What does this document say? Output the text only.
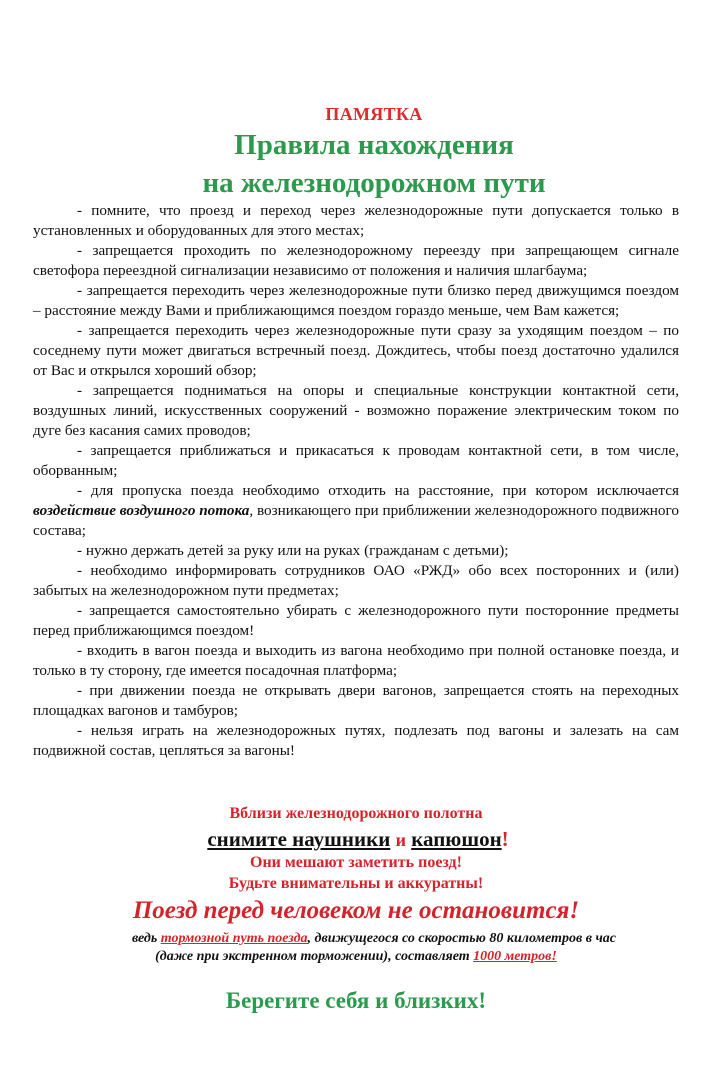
ПАМЯТКА
Правила нахождения
на железнодорожном пути

- помните, что проезд и переход через железнодорожные пути допускается только в установленных и оборудованных для этого местах;

- запрещается проходить по железнодорожному переезду при запрещающем сигнале светофора переездной сигнализации независимо от положения и наличия шлагбаума;

- запрещается переходить через железнодорожные пути близко перед движущимся поездом – расстояние между Вами и приближающимся поездом гораздо меньше, чем Вам кажется;

- запрещается переходить через железнодорожные пути сразу за уходящим поездом – по соседнему пути может двигаться встречный поезд. Дождитесь, чтобы поезд достаточно удалился от Вас и открылся хороший обзор;

- запрещается подниматься на опоры и специальные конструкции контактной сети, воздушных линий, искусственных сооружений - возможно поражение электрическим током по дуге без касания самих проводов;

- запрещается приближаться и прикасаться к проводам контактной сети, в том числе, оборванным;

- для пропуска поезда необходимо отходить на расстояние, при котором исключается воздействие воздушного потока, возникающего при приближении железнодорожного подвижного состава;

- нужно держать детей за руку или на руках (гражданам с детьми);

- необходимо информировать сотрудников ОАО «РЖД» обо всех посторонних и (или) забытых на железнодорожном пути предметах;

- запрещается самостоятельно убирать с железнодорожного пути посторонние предметы перед приближающимся поездом!

- входить в вагон поезда и выходить из вагона необходимо при полной остановке поезда, и только в ту сторону, где имеется посадочная платформа;

- при движении поезда не открывать двери вагонов, запрещается стоять на переходных площадках вагонов и тамбуров;

- нельзя играть на железнодорожных путях, подлезать под вагоны и залезать на сам подвижной состав, цепляться за вагоны!

Вблизи железнодорожного полотна
снимите наушники и капюшон!
Они мешают заметить поезд!
Будьте внимательны и аккуратны!
Поезд перед человеком не остановится!
ведь тормозной путь поезда, движущегося со скоростью 80 километров в час
(даже при экстренном торможении), составляет 1000 метров!
Берегите себя и близких!
